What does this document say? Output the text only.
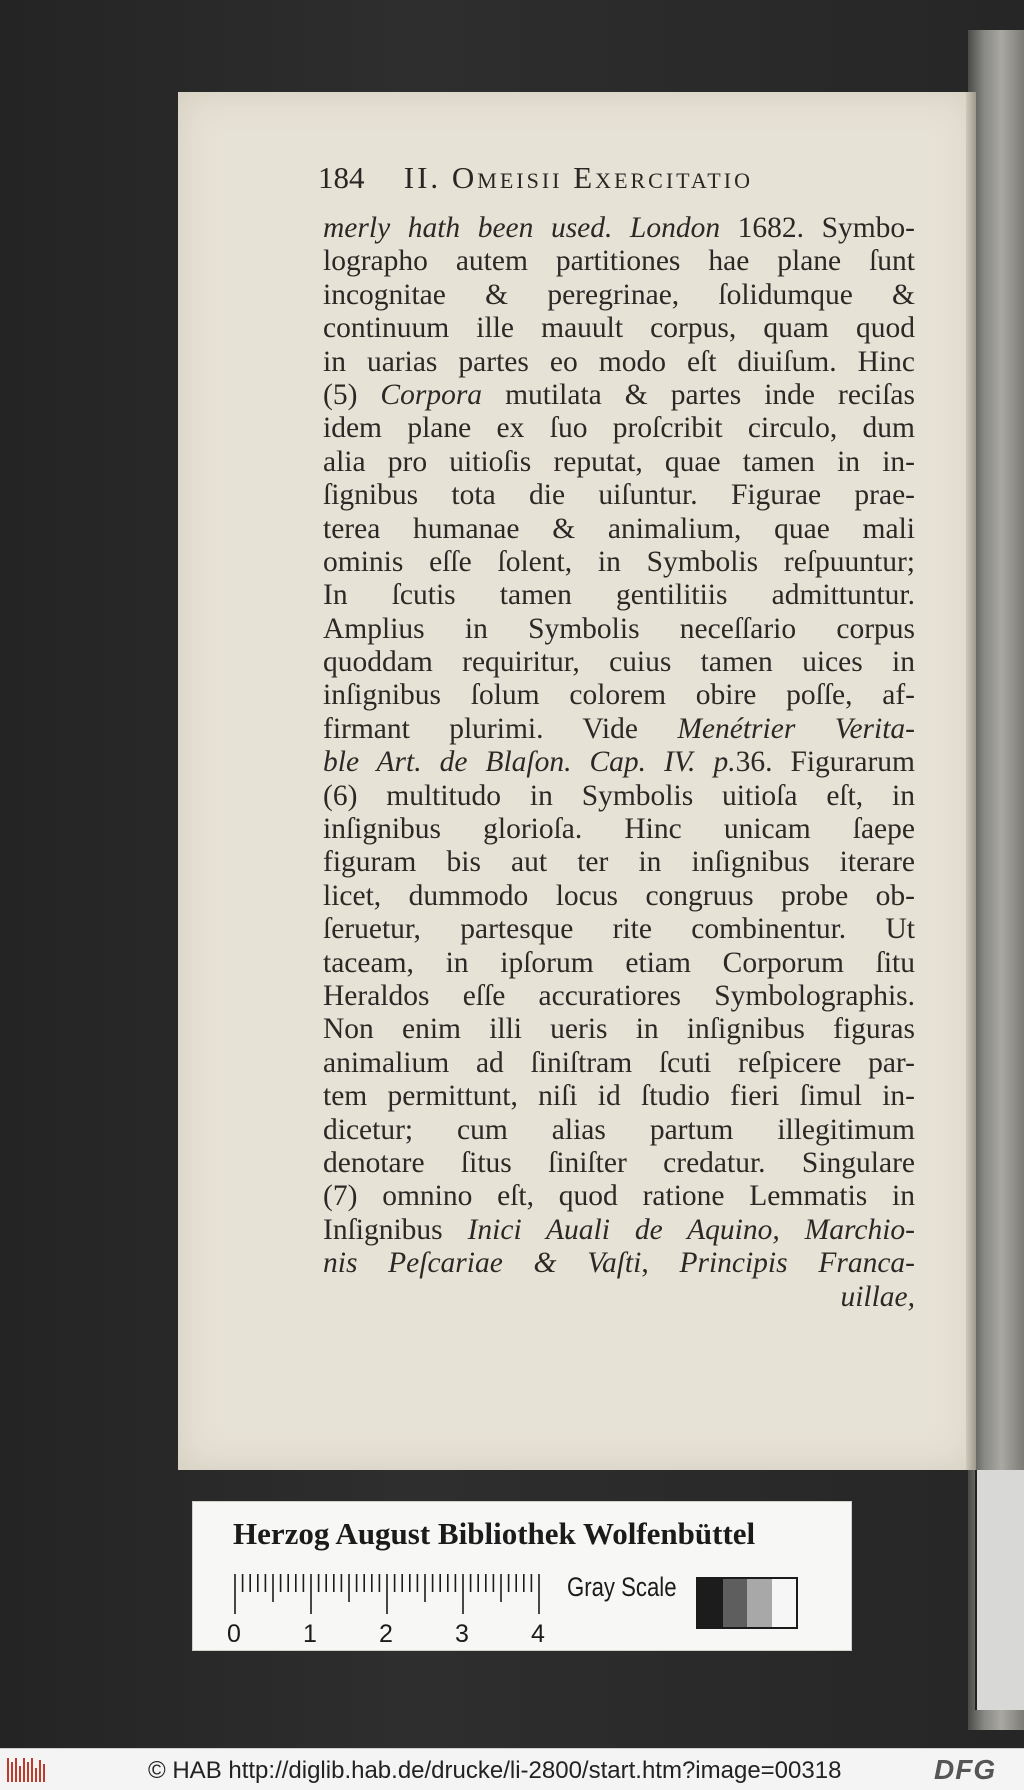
184 II. Omeisii Exercitatio
merly hath been used. London 1682. Symbo-
lographo autem partitiones hae plane ſunt
incognitae & peregrinae, ſolidumque &
continuum ille mauult corpus, quam quod
in uarias partes eo modo eſt diuiſum. Hinc
(5) Corpora mutilata & partes inde reciſas
idem plane ex ſuo proſcribit circulo, dum
alia pro uitioſis reputat, quae tamen in in-
ſignibus tota die uiſuntur. Figurae prae-
terea humanae & animalium, quae mali
ominis eſſe ſolent, in Symbolis reſpuuntur;
In ſcutis tamen gentilitiis admittuntur.
Amplius in Symbolis neceſſario corpus
quoddam requiritur, cuius tamen uices in
inſignibus ſolum colorem obire poſſe, af-
firmant plurimi. Vide Menétrier Verita-
ble Art. de Blaſon. Cap. IV. p.36. Figurarum
(6) multitudo in Symbolis uitioſa eſt, in
inſignibus glorioſa. Hinc unicam ſaepe
figuram bis aut ter in inſignibus iterare
licet, dummodo locus congruus probe ob-
ſeruetur, partesque rite combinentur. Ut
taceam, in ipſorum etiam Corporum ſitu
Heraldos eſſe accuratiores Symbolographis.
Non enim illi ueris in inſignibus figuras
animalium ad ſiniſtram ſcuti reſpicere par-
tem permittunt, niſi id ſtudio fieri ſimul in-
dicetur; cum alias partum illegitimum
denotare ſitus ſiniſter credatur. Singulare
(7) omnino eſt, quod ratione Lemmatis in
Inſignibus Inici Auali de Aquino, Marchio-
nis Peſcariae & Vaſti, Principis Franca-
uillae,
Herzog August Bibliothek Wolfenbüttel
0 1 2 3 4
Gray Scale
© HAB http://diglib.hab.de/drucke/li-2800/start.htm?image=00318	DFG
